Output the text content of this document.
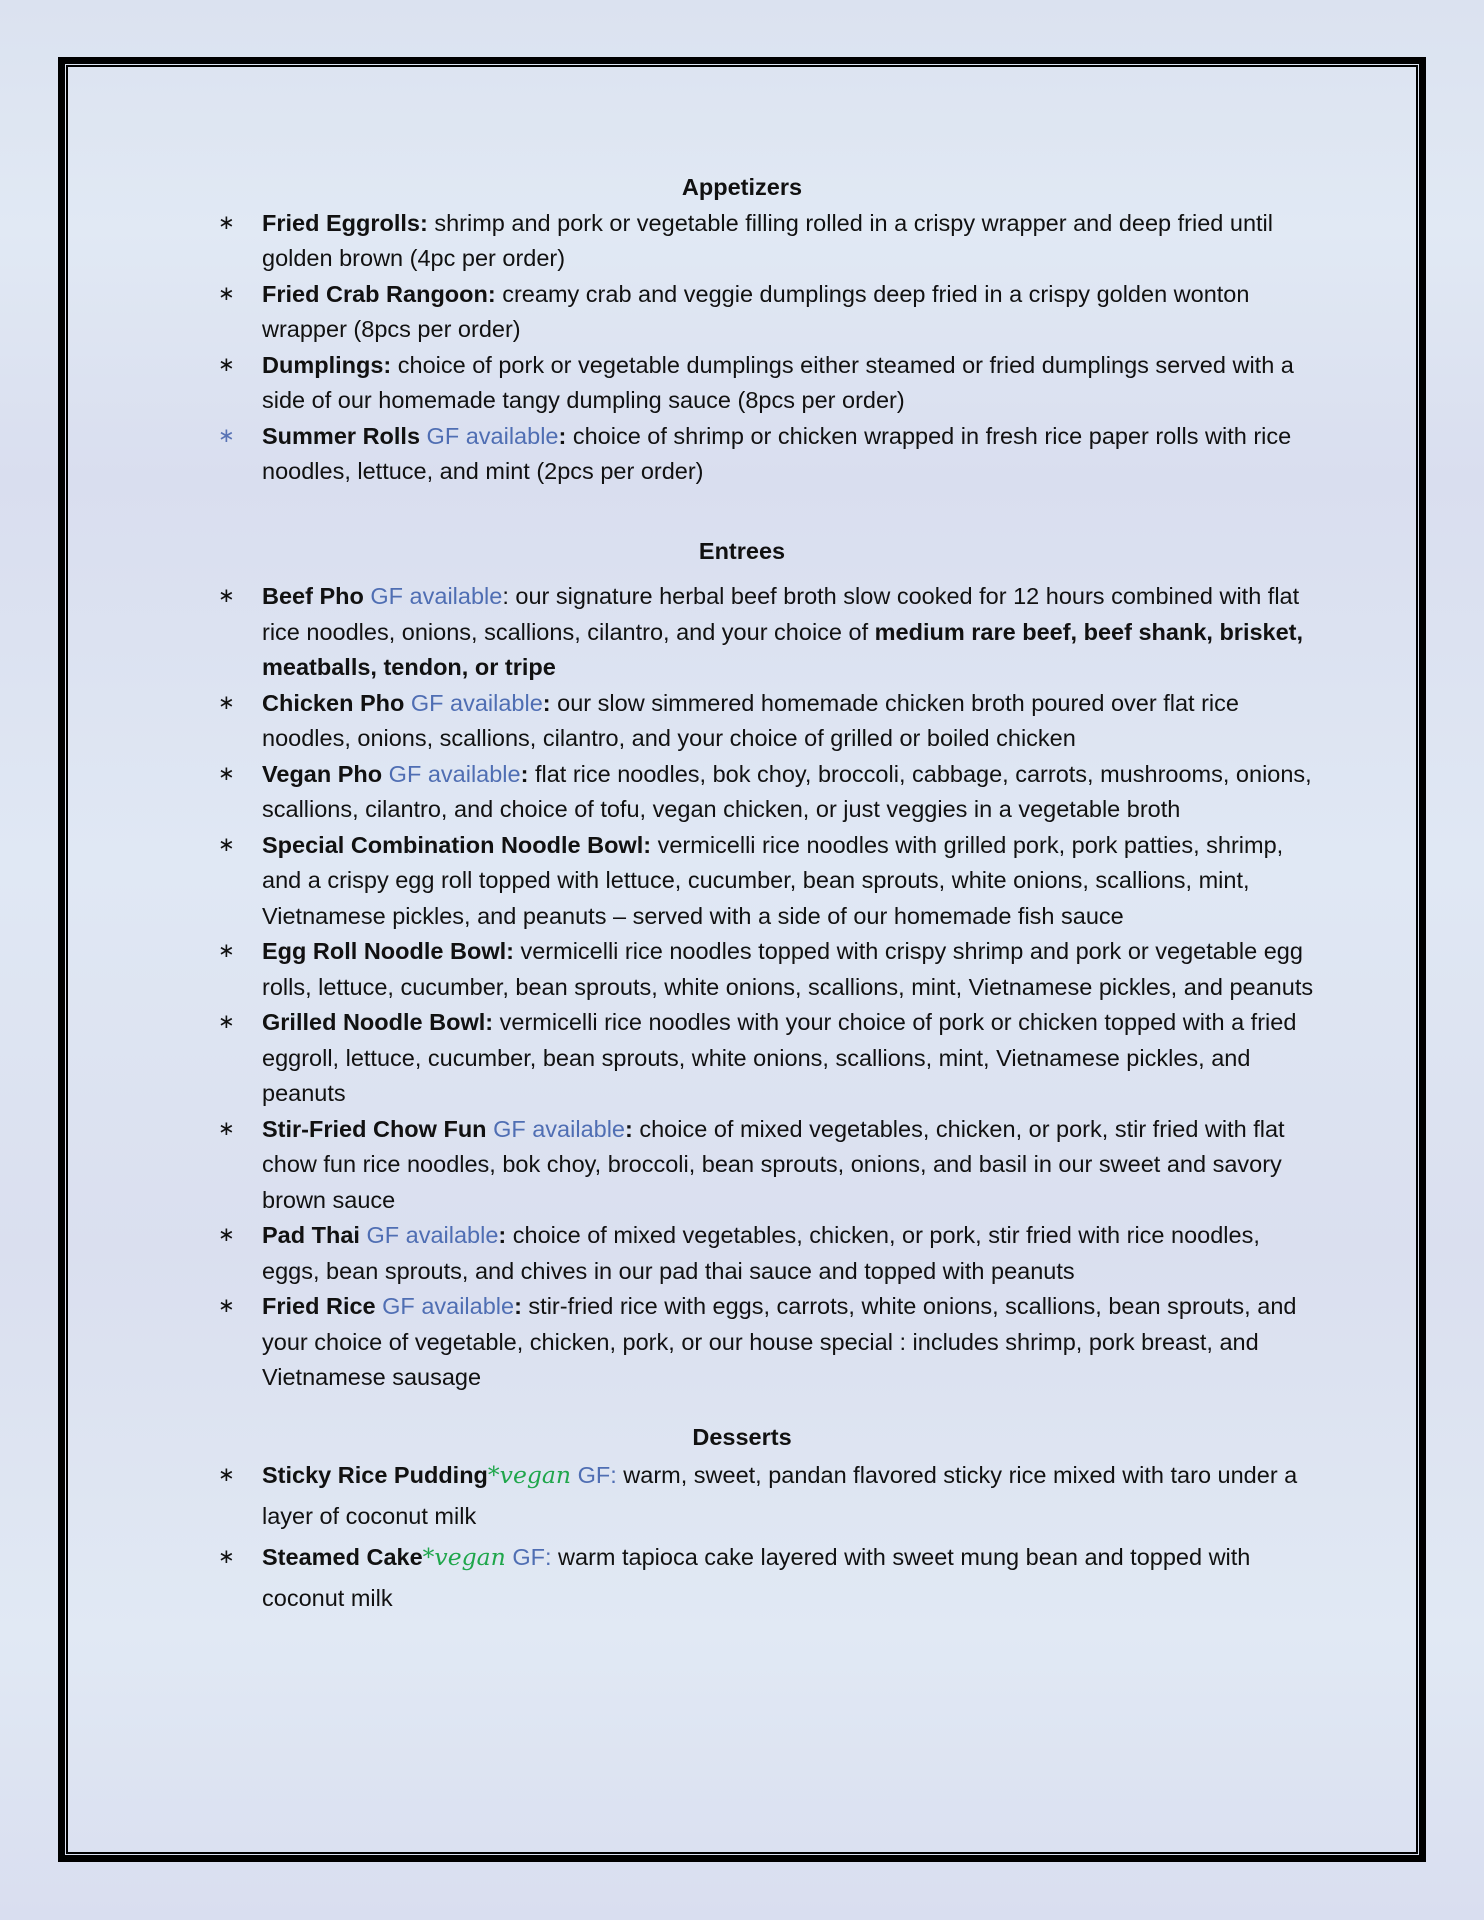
Appetizers
∗	Fried Eggrolls: shrimp and pork or vegetable filling rolled in a crispy wrapper and deep fried until golden brown (4pc per order)
∗	Fried Crab Rangoon: creamy crab and veggie dumplings deep fried in a crispy golden wonton wrapper (8pcs per order)
∗	Dumplings: choice of pork or vegetable dumplings either steamed or fried dumplings served with a side of our homemade tangy dumpling sauce (8pcs per order)
∗	Summer Rolls GF available: choice of shrimp or chicken wrapped in fresh rice paper rolls with rice noodles, lettuce, and mint (2pcs per order)
Entrees
∗	Beef Pho GF available: our signature herbal beef broth slow cooked for 12 hours combined with flat rice noodles, onions, scallions, cilantro, and your choice of medium rare beef, beef shank, brisket, meatballs, tendon, or tripe
∗	Chicken Pho GF available: our slow simmered homemade chicken broth poured over flat rice noodles, onions, scallions, cilantro, and your choice of grilled or boiled chicken
∗	Vegan Pho GF available: flat rice noodles, bok choy, broccoli, cabbage, carrots, mushrooms, onions, scallions, cilantro, and choice of tofu, vegan chicken, or just veggies in a vegetable broth
∗	Special Combination Noodle Bowl: vermicelli rice noodles with grilled pork, pork patties, shrimp, and a crispy egg roll topped with lettuce, cucumber, bean sprouts, white onions, scallions, mint, Vietnamese pickles, and peanuts – served with a side of our homemade fish sauce
∗	Egg Roll Noodle Bowl: vermicelli rice noodles topped with crispy shrimp and pork or vegetable egg rolls, lettuce, cucumber, bean sprouts, white onions, scallions, mint, Vietnamese pickles, and peanuts
∗	Grilled Noodle Bowl: vermicelli rice noodles with your choice of pork or chicken topped with a fried eggroll, lettuce, cucumber, bean sprouts, white onions, scallions, mint, Vietnamese pickles, and peanuts
∗	Stir-Fried Chow Fun GF available: choice of mixed vegetables, chicken, or pork, stir fried with flat chow fun rice noodles, bok choy, broccoli, bean sprouts, onions, and basil in our sweet and savory brown sauce
∗	Pad Thai GF available: choice of mixed vegetables, chicken, or pork, stir fried with rice noodles, eggs, bean sprouts, and chives in our pad thai sauce and topped with peanuts
∗	Fried Rice GF available: stir-fried rice with eggs, carrots, white onions, scallions, bean sprouts, and your choice of vegetable, chicken, pork, or our house special : includes shrimp, pork breast, and Vietnamese sausage
Desserts
∗	Sticky Rice Pudding*vegan GF: warm, sweet, pandan flavored sticky rice mixed with taro under a layer of coconut milk
∗	Steamed Cake*vegan GF: warm tapioca cake layered with sweet mung bean and topped with coconut milk
